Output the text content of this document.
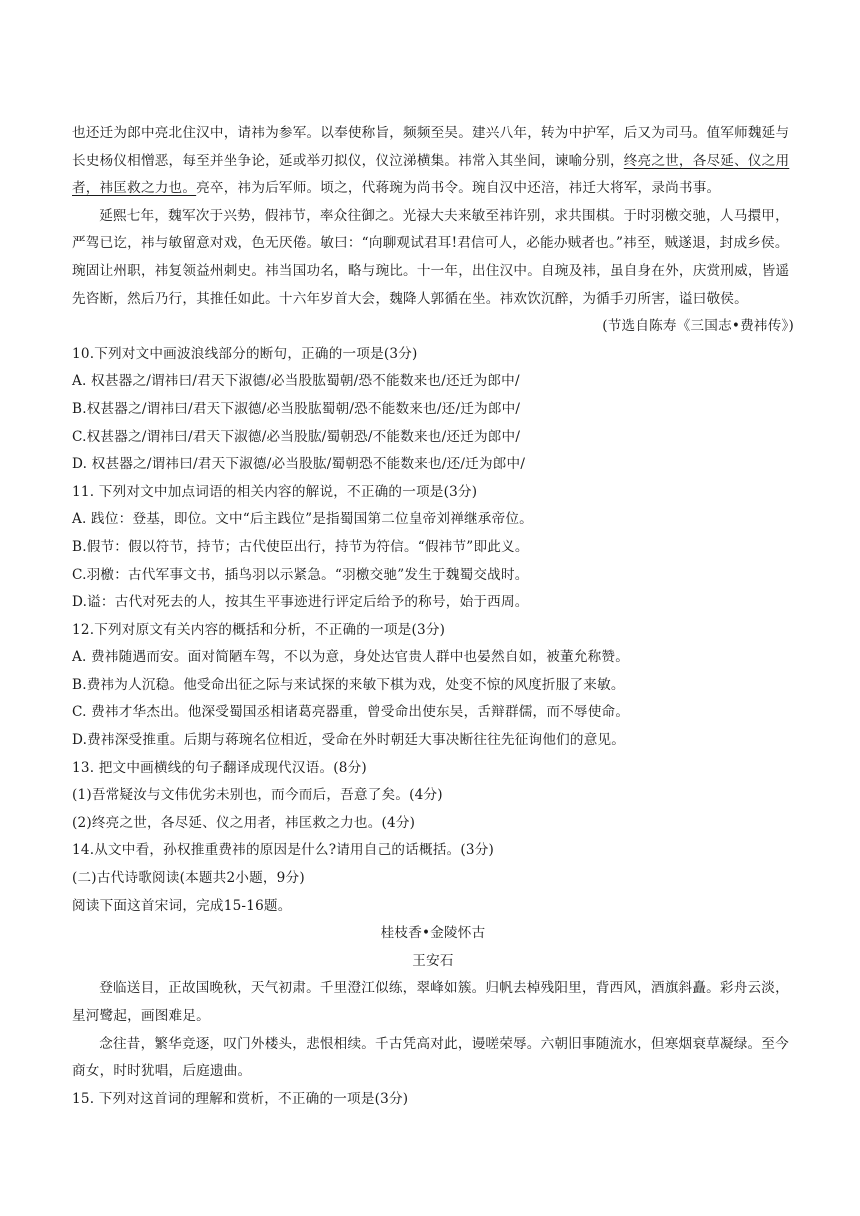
也还迁为郎中亮北住汉中，请祎为参军。以奉使称旨，频频至吴。建兴八年，转为中护军，后又为司马。值军师魏延与长史杨仪相憎恶，每至并坐争论，延或举刃拟仪，仪泣涕横集。祎常入其坐间，谏喻分别，终亮之世，各尽延、仪之用者，祎匡救之力也。亮卒，祎为后军师。顷之，代蒋琬为尚书令。琬自汉中还涪，祎迁大将军，录尚书事。

延熙七年，魏军次于兴势，假祎节，率众往御之。光禄大夫来敏至祎许别，求共围棋。于时羽檄交驰，人马擐甲，严驾已讫，祎与敏留意对戏，色无厌倦。敏曰：“向聊观试君耳!君信可人，必能办贼者也。”祎至，贼遂退，封成乡侯。琬固让州职，祎复领益州刺史。祎当国功名，略与琬比。十一年，出住汉中。自琬及祎，虽自身在外，庆赏刑威，皆遥先咨断，然后乃行，其推任如此。十六年岁首大会，魏降人郭循在坐。祎欢饮沉醉，为循手刃所害，谥曰敬侯。

(节选自陈寿《三国志•费祎传》)

10.下列对文中画波浪线部分的断句，正确的一项是(3分)

A. 权甚器之/谓祎曰/君天下淑德/必当股肱蜀朝/恐不能数来也/还迁为郎中/

B.权甚器之/谓祎曰/君天下淑德/必当股肱蜀朝/恐不能数来也/还/迁为郎中/

C.权甚器之/谓祎曰/君天下淑德/必当股肱/蜀朝恐/不能数来也/还迁为郎中/

D. 权甚器之/谓祎曰/君天下淑德/必当股肱/蜀朝恐不能数来也/还/迁为郎中/

11. 下列对文中加点词语的相关内容的解说，不正确的一项是(3分)

A. 践位：登基，即位。文中“后主践位”是指蜀国第二位皇帝刘禅继承帝位。

B.假节：假以符节，持节；古代使臣出行，持节为符信。“假祎节”即此义。

C.羽檄：古代军事文书，插鸟羽以示紧急。“羽檄交驰”发生于魏蜀交战时。

D.谥：古代对死去的人，按其生平事迹进行评定后给予的称号，始于西周。

12.下列对原文有关内容的概括和分析，不正确的一项是(3分)

A. 费祎随遇而安。面对简陋车驾，不以为意，身处达官贵人群中也晏然自如，被董允称赞。

B.费祎为人沉稳。他受命出征之际与来试探的来敏下棋为戏，处变不惊的风度折服了来敏。

C. 费祎才华杰出。他深受蜀国丞相诸葛亮器重，曾受命出使东吴，舌辩群儒，而不辱使命。

D.费祎深受推重。后期与蒋琬名位相近，受命在外时朝廷大事决断往往先征询他们的意见。

13. 把文中画横线的句子翻译成现代汉语。(8分)

(1)吾常疑汝与文伟优劣未别也，而今而后，吾意了矣。(4分)

(2)终亮之世，各尽延、仪之用者，祎匡救之力也。(4分)

14.从文中看，孙权推重费祎的原因是什么?请用自己的话概括。(3分)

(二)古代诗歌阅读(本题共2小题，9分)

阅读下面这首宋词，完成15-16题。

桂枝香•金陵怀古

王安石

登临送目，正故国晚秋，天气初肃。千里澄江似练，翠峰如簇。归帆去棹残阳里，背西风，酒旗斜矗。彩舟云淡，星河鹭起，画图难足。

念往昔，繁华竞逐，叹门外楼头，悲恨相续。千古凭高对此，谩嗟荣辱。六朝旧事随流水，但寒烟衰草凝绿。至今商女，时时犹唱，后庭遗曲。

15. 下列对这首词的理解和赏析，不正确的一项是(3分)
